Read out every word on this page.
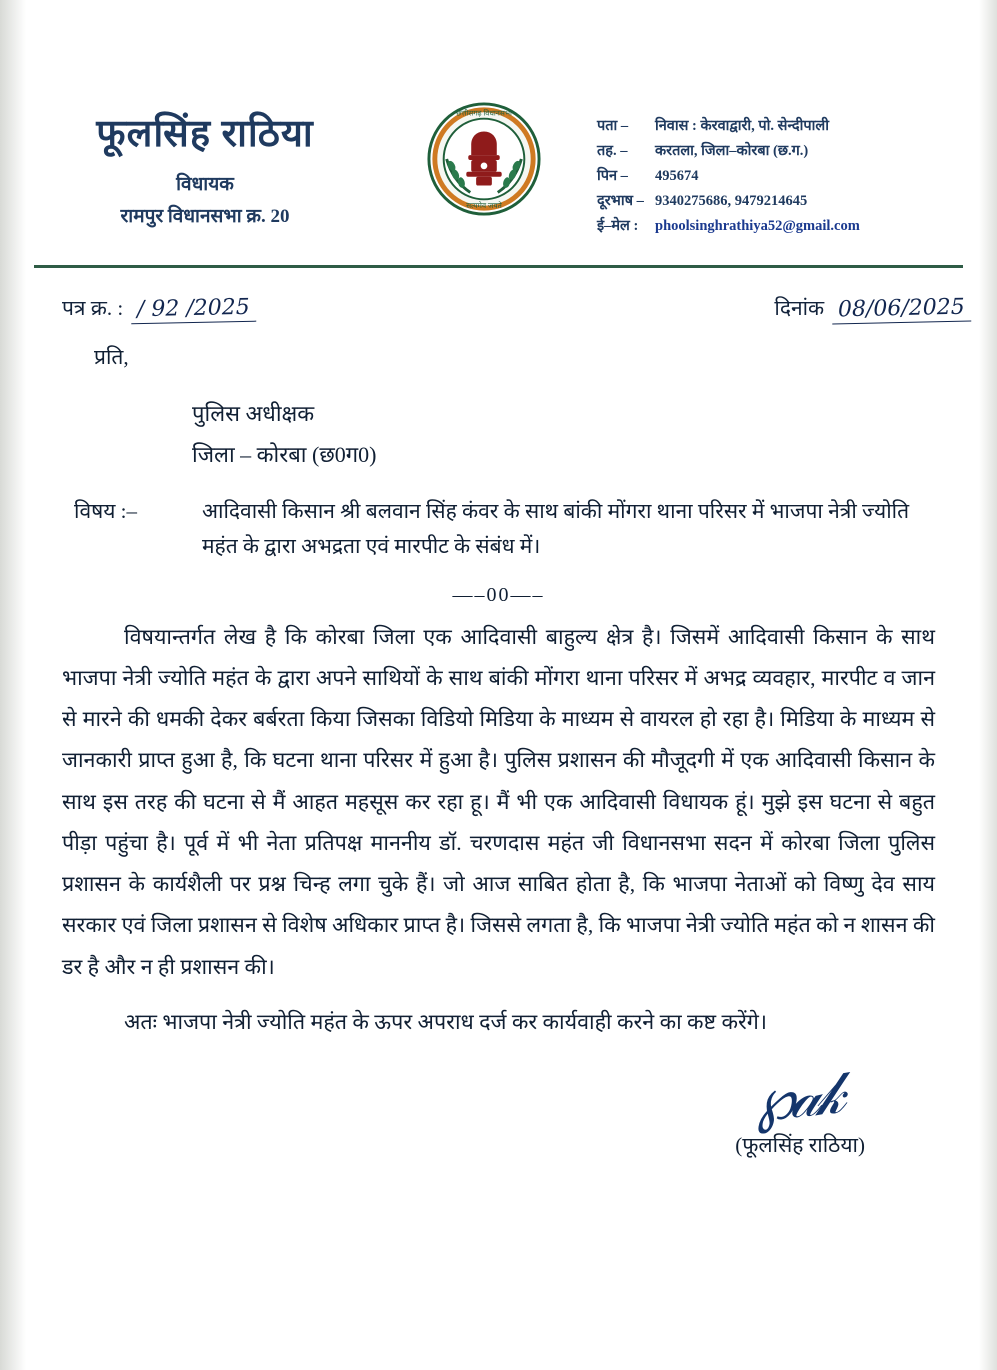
फूलसिंह राठिया
विधायक
रामपुर विधानसभा क्र. 20
छत्तीसगढ़ विधानसभा
सत्यमेव जयते
पता – निवास : केरवाद्वारी, पो. सेन्दीपाली
तह. – करतला, जिला–कोरबा (छ.ग.)
पिन – 495674
दूरभाष – 9340275686, 9479214645
ई–मेल : phoolsinghrathiya52@gmail.com
पत्र क्र. : / 92 /2025	दिनांक 08/06/2025
प्रति,
पुलिस अधीक्षक
जिला – कोरबा (छ0ग0)
विषय :–	आदिवासी किसान श्री बलवान सिंह कंवर के साथ बांकी मोंगरा थाना परिसर में भाजपा नेत्री ज्योति महंत के द्वारा अभद्रता एवं मारपीट के संबंध में।
—–00—–

विषयान्तर्गत लेख है कि कोरबा जिला एक आदिवासी बाहुल्य क्षेत्र है। जिसमें आदिवासी किसान के साथ भाजपा नेत्री ज्योति महंत के द्वारा अपने साथियों के साथ बांकी मोंगरा थाना परिसर में अभद्र व्यवहार, मारपीट व जान से मारने की धमकी देकर बर्बरता किया जिसका विडियो मिडिया के माध्यम से वायरल हो रहा है। मिडिया के माध्यम से जानकारी प्राप्त हुआ है, कि घटना थाना परिसर में हुआ है। पुलिस प्रशासन की मौजूदगी में एक आदिवासी किसान के साथ इस तरह की घटना से मैं आहत महसूस कर रहा हू। मैं भी एक आदिवासी विधायक हूं। मुझे इस घटना से बहुत पीड़ा पहुंचा है। पूर्व में भी नेता प्रतिपक्ष माननीय डॉ. चरणदास महंत जी विधानसभा सदन में कोरबा जिला पुलिस प्रशासन के कार्यशैली पर प्रश्न चिन्ह लगा चुके हैं। जो आज साबित होता है, कि भाजपा नेताओं को विष्णु देव साय सरकार एवं जिला प्रशासन से विशेष अधिकार प्राप्त है। जिससे लगता है, कि भाजपा नेत्री ज्योति महंत को न शासन की डर है और न ही प्रशासन की।

अतः भाजपा नेत्री ज्योति महंत के ऊपर अपराध दर्ज कर कार्यवाही करने का कष्ट करेंगे।

℘𝒶𝓀
(फूलसिंह राठिया)
